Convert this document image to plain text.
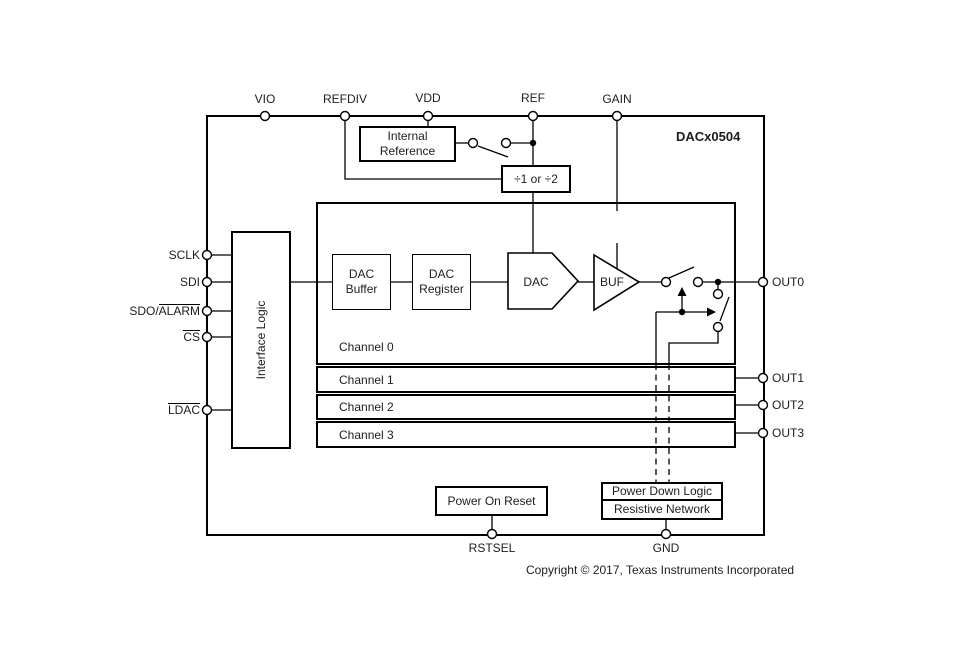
Internal
Reference
÷1 or ÷2
Channel 0
Channel 1
Channel 2
Channel 3
DAC
Buffer
DAC
Register
Power On Reset
Power Down Logic
Resistive Network
DACx0504
VIO	REFDIV	VDD	REF	GAIN
SCLK
SDI
SDO/ALARM
CS
LDAC
OUT0
OUT1
OUT2
OUT3
RSTSEL	GND
Interface Logic
DAC	BUF
Copyright © 2017, Texas Instruments Incorporated
